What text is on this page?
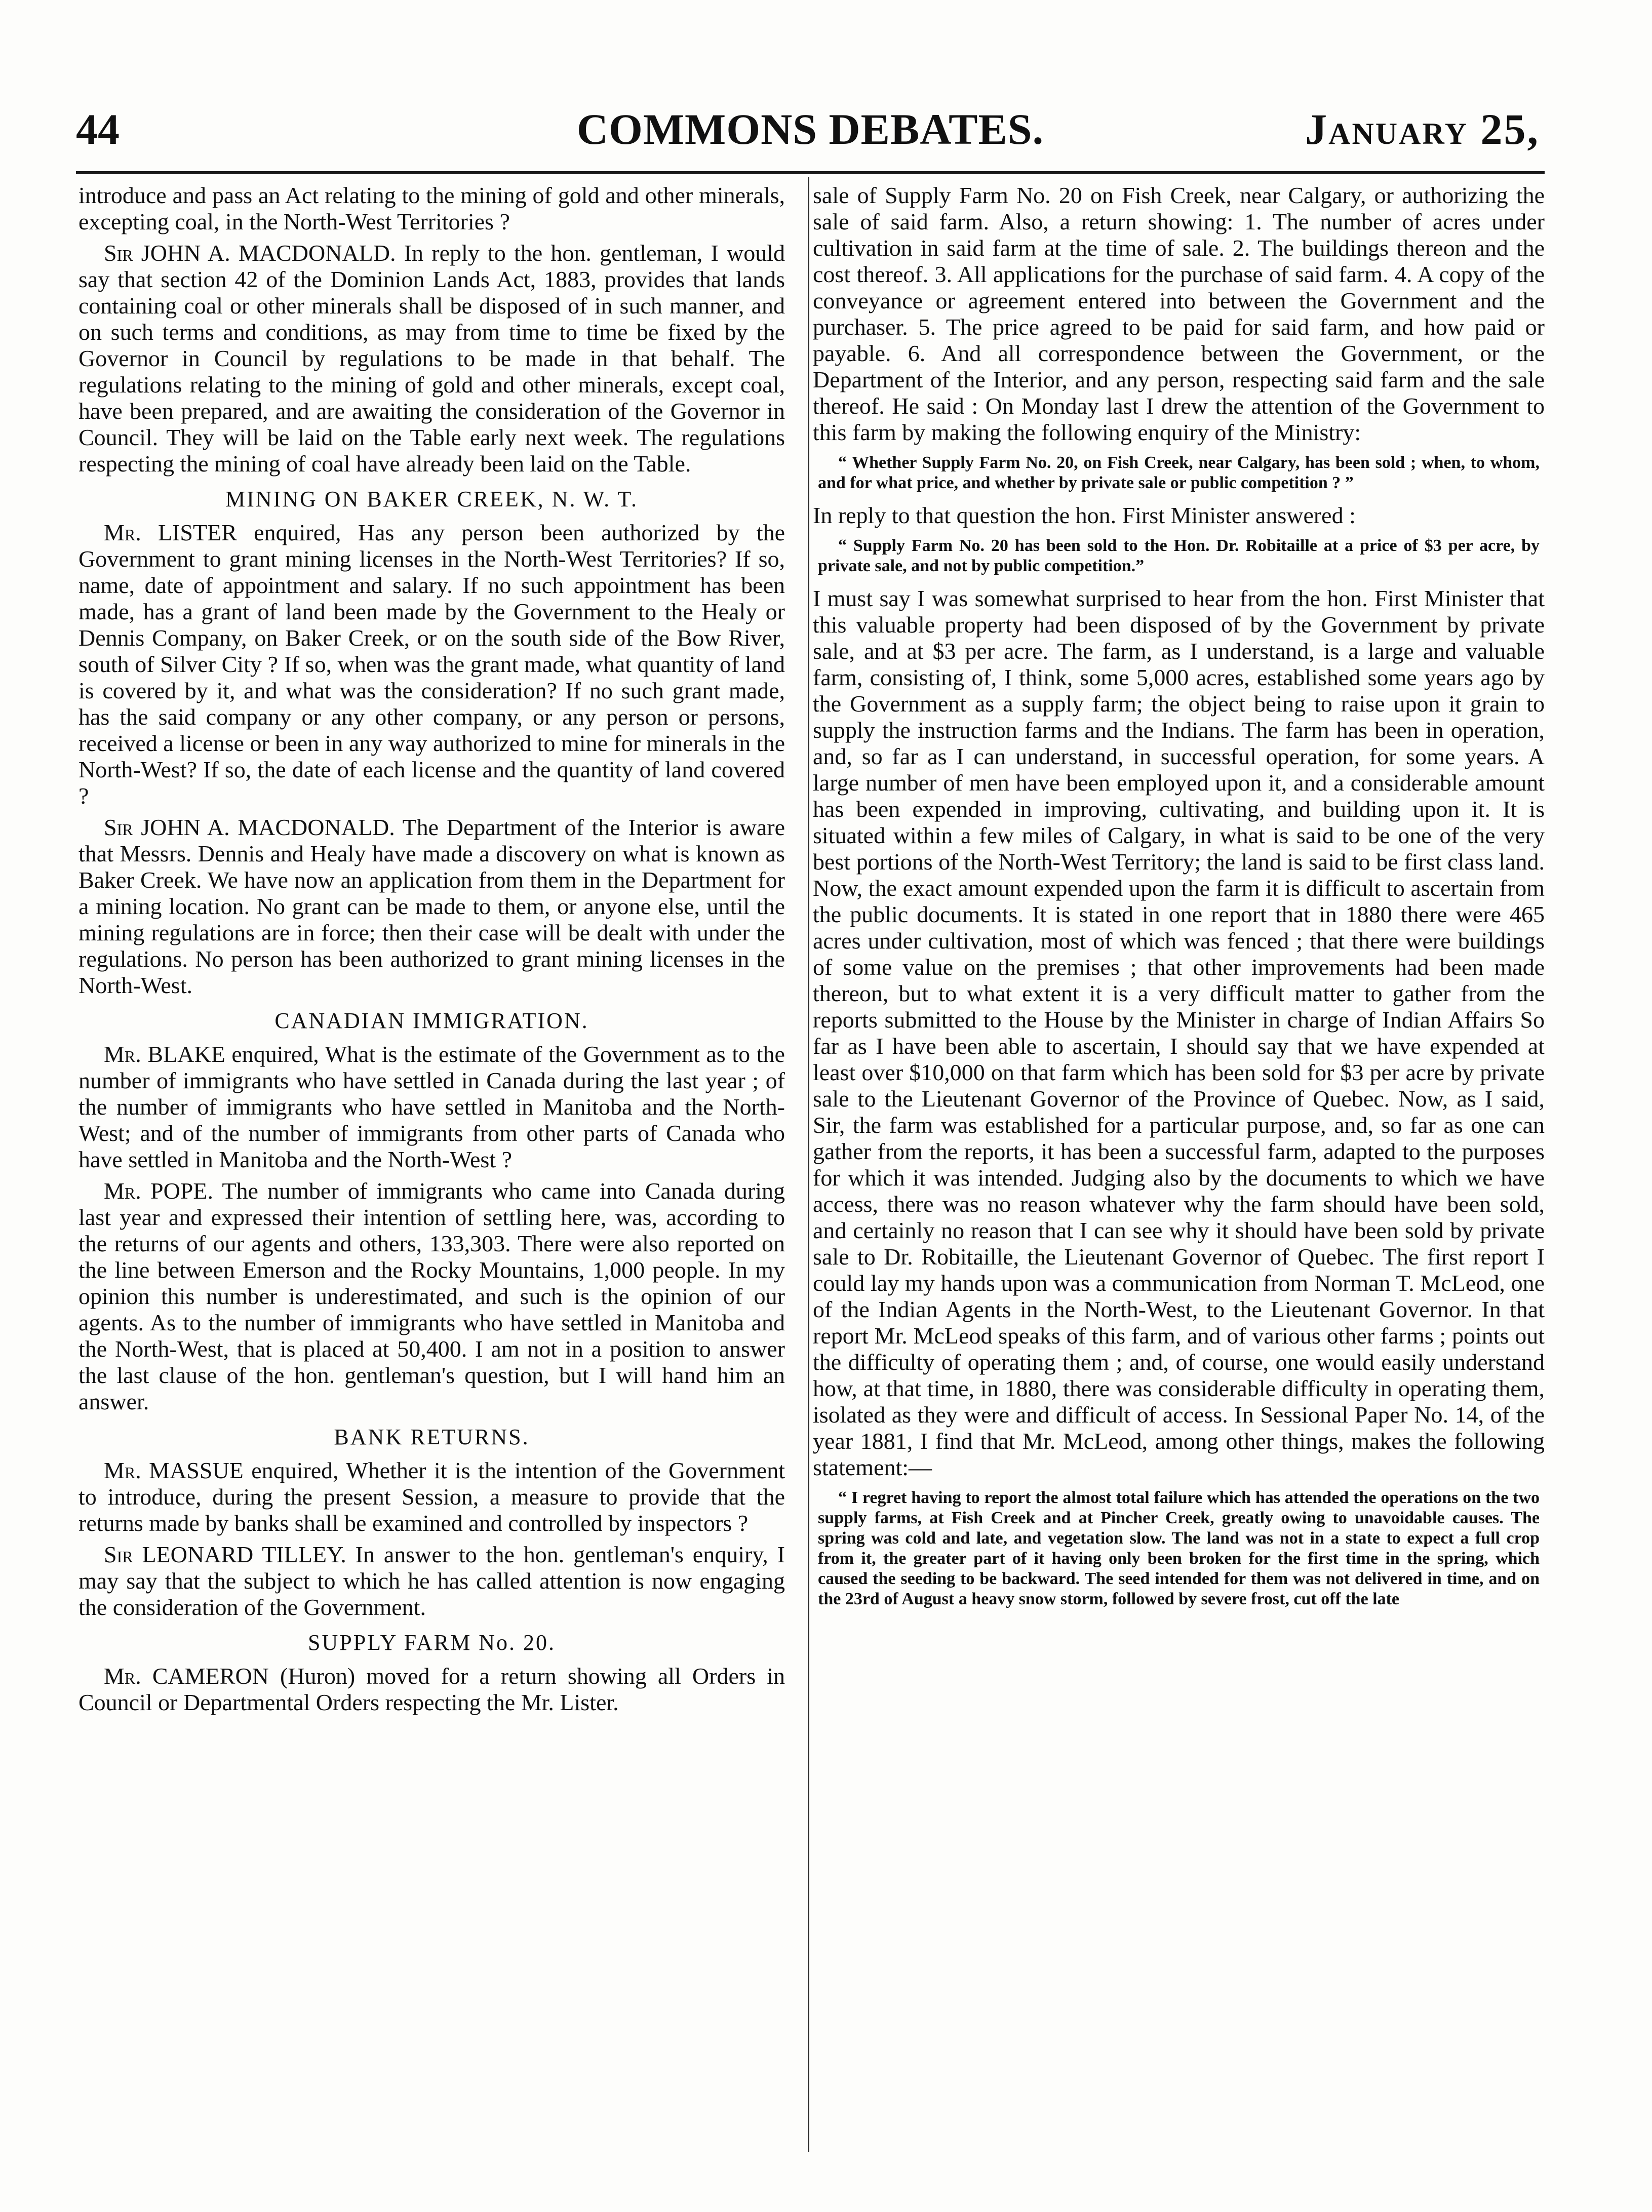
44	COMMONS DEBATES.	January 25,

introduce and pass an Act relating to the mining of gold and other minerals, excepting coal, in the North-West Territories ?

Sir JOHN A. MACDONALD. In reply to the hon. gentleman, I would say that section 42 of the Dominion Lands Act, 1883, provides that lands containing coal or other minerals shall be disposed of in such manner, and on such terms and conditions, as may from time to time be fixed by the Governor in Council by regulations to be made in that behalf. The regulations relating to the mining of gold and other minerals, except coal, have been prepared, and are awaiting the consideration of the Governor in Council. They will be laid on the Table early next week. The regulations respecting the mining of coal have already been laid on the Table.

MINING ON BAKER CREEK, N. W. T.

Mr. LISTER enquired, Has any person been authorized by the Government to grant mining licenses in the North-West Territories? If so, name, date of appointment and salary. If no such appointment has been made, has a grant of land been made by the Government to the Healy or Dennis Company, on Baker Creek, or on the south side of the Bow River, south of Silver City ? If so, when was the grant made, what quantity of land is covered by it, and what was the consideration? If no such grant made, has the said company or any other company, or any person or persons, received a license or been in any way authorized to mine for minerals in the North-West? If so, the date of each license and the quantity of land covered ?

Sir JOHN A. MACDONALD. The Department of the Interior is aware that Messrs. Dennis and Healy have made a discovery on what is known as Baker Creek. We have now an application from them in the Department for a mining location. No grant can be made to them, or anyone else, until the mining regulations are in force; then their case will be dealt with under the regulations. No person has been authorized to grant mining licenses in the North-West.

CANADIAN IMMIGRATION.

Mr. BLAKE enquired, What is the estimate of the Government as to the number of immigrants who have settled in Canada during the last year ; of the number of immigrants who have settled in Manitoba and the North-West; and of the number of immigrants from other parts of Canada who have settled in Manitoba and the North-West ?

Mr. POPE. The number of immigrants who came into Canada during last year and expressed their intention of settling here, was, according to the returns of our agents and others, 133,303. There were also reported on the line between Emerson and the Rocky Mountains, 1,000 people. In my opinion this number is underestimated, and such is the opinion of our agents. As to the number of immigrants who have settled in Manitoba and the North-West, that is placed at 50,400. I am not in a position to answer the last clause of the hon. gentleman's question, but I will hand him an answer.

BANK RETURNS.

Mr. MASSUE enquired, Whether it is the intention of the Government to introduce, during the present Session, a measure to provide that the returns made by banks shall be examined and controlled by inspectors ?

Sir LEONARD TILLEY. In answer to the hon. gentleman's enquiry, I may say that the subject to which he has called attention is now engaging the consideration of the Government.

SUPPLY FARM No. 20.

Mr. CAMERON (Huron) moved for a return showing all Orders in Council or Departmental Orders respecting the Mr. Lister.

sale of Supply Farm No. 20 on Fish Creek, near Calgary, or authorizing the sale of said farm. Also, a return showing: 1. The number of acres under cultivation in said farm at the time of sale. 2. The buildings thereon and the cost thereof. 3. All applications for the purchase of said farm. 4. A copy of the conveyance or agreement entered into between the Government and the purchaser. 5. The price agreed to be paid for said farm, and how paid or payable. 6. And all correspondence between the Government, or the Department of the Interior, and any person, respecting said farm and the sale thereof. He said : On Monday last I drew the attention of the Government to this farm by making the following enquiry of the Ministry:

“ Whether Supply Farm No. 20, on Fish Creek, near Calgary, has been sold ; when, to whom, and for what price, and whether by private sale or public competition ? ”

In reply to that question the hon. First Minister answered :

“ Supply Farm No. 20 has been sold to the Hon. Dr. Robitaille at a price of $3 per acre, by private sale, and not by public competition.”

I must say I was somewhat surprised to hear from the hon. First Minister that this valuable property had been disposed of by the Government by private sale, and at $3 per acre. The farm, as I understand, is a large and valuable farm, consisting of, I think, some 5,000 acres, established some years ago by the Government as a supply farm; the object being to raise upon it grain to supply the instruction farms and the Indians. The farm has been in operation, and, so far as I can understand, in successful operation, for some years. A large number of men have been employed upon it, and a considerable amount has been expended in improving, cultivating, and building upon it. It is situated within a few miles of Calgary, in what is said to be one of the very best portions of the North-West Territory; the land is said to be first class land. Now, the exact amount expended upon the farm it is difficult to ascertain from the public documents. It is stated in one report that in 1880 there were 465 acres under cultivation, most of which was fenced ; that there were buildings of some value on the premises ; that other improvements had been made thereon, but to what extent it is a very difficult matter to gather from the reports submitted to the House by the Minister in charge of Indian Affairs So far as I have been able to ascertain, I should say that we have expended at least over $10,000 on that farm which has been sold for $3 per acre by private sale to the Lieutenant Governor of the Province of Quebec. Now, as I said, Sir, the farm was established for a particular purpose, and, so far as one can gather from the reports, it has been a successful farm, adapted to the purposes for which it was intended. Judging also by the documents to which we have access, there was no reason whatever why the farm should have been sold, and certainly no reason that I can see why it should have been sold by private sale to Dr. Robitaille, the Lieutenant Governor of Quebec. The first report I could lay my hands upon was a communication from Norman T. McLeod, one of the Indian Agents in the North-West, to the Lieutenant Governor. In that report Mr. McLeod speaks of this farm, and of various other farms ; points out the difficulty of operating them ; and, of course, one would easily understand how, at that time, in 1880, there was considerable difficulty in operating them, isolated as they were and difficult of access. In Sessional Paper No. 14, of the year 1881, I find that Mr. McLeod, among other things, makes the following statement:—

“ I regret having to report the almost total failure which has attended the operations on the two supply farms, at Fish Creek and at Pincher Creek, greatly owing to unavoidable causes. The spring was cold and late, and vegetation slow. The land was not in a state to expect a full crop from it, the greater part of it having only been broken for the first time in the spring, which caused the seeding to be backward. The seed intended for them was not delivered in time, and on the 23rd of August a heavy snow storm, followed by severe frost, cut off the late
